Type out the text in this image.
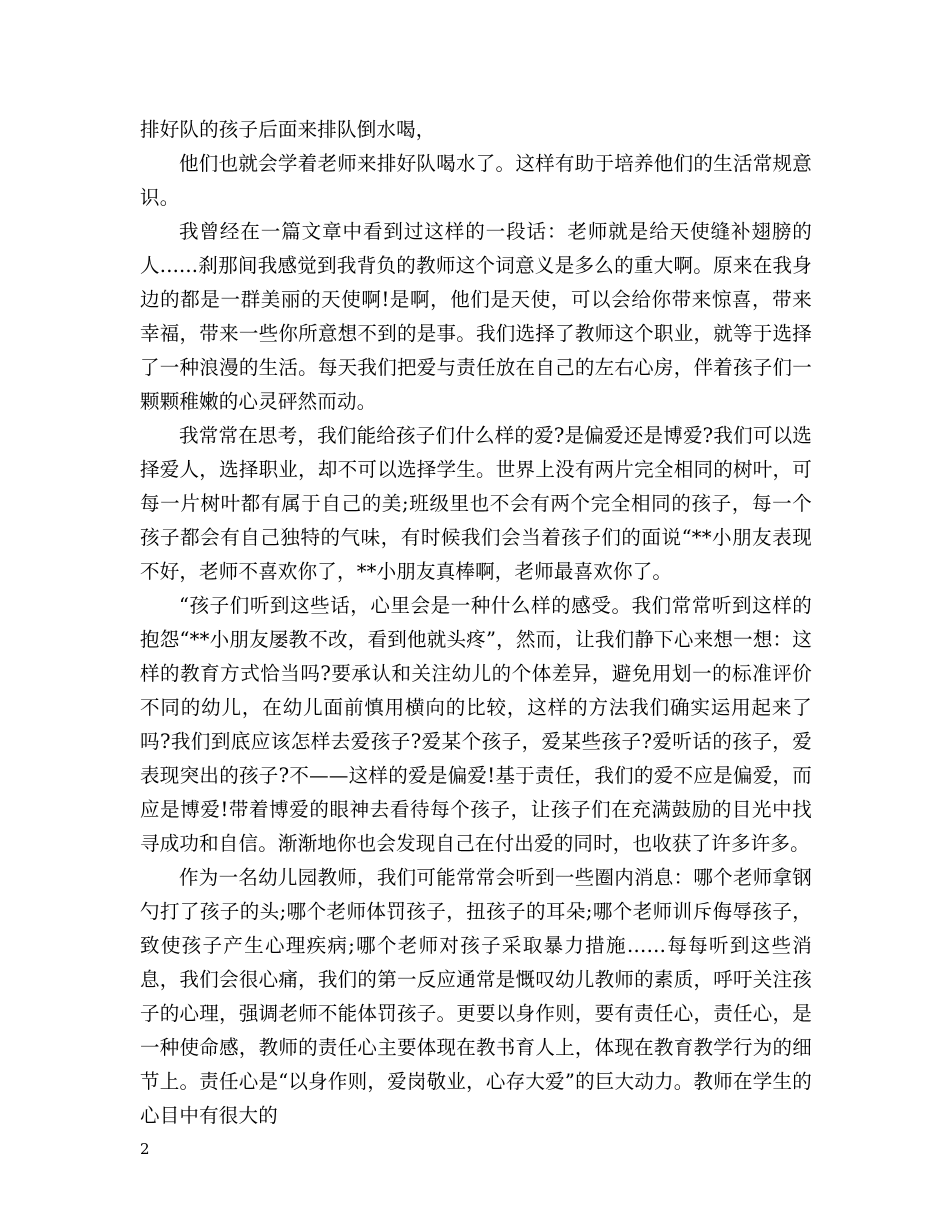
排好队的孩子后面来排队倒水喝，

他们也就会学着老师来排好队喝水了。这样有助于培养他们的生活常规意识。

我曾经在一篇文章中看到过这样的一段话：老师就是给天使缝补翅膀的人......刹那间我感觉到我背负的教师这个词意义是多么的重大啊。原来在我身边的都是一群美丽的天使啊!是啊，他们是天使，可以会给你带来惊喜，带来幸福，带来一些你所意想不到的是事。我们选择了教师这个职业，就等于选择了一种浪漫的生活。每天我们把爱与责任放在自己的左右心房，伴着孩子们一颗颗稚嫩的心灵砰然而动。

我常常在思考，我们能给孩子们什么样的爱?是偏爱还是博爱?我们可以选择爱人，选择职业，却不可以选择学生。世界上没有两片完全相同的树叶，可每一片树叶都有属于自己的美;班级里也不会有两个完全相同的孩子，每一个孩子都会有自己独特的气味，有时候我们会当着孩子们的面说“**小朋友表现不好，老师不喜欢你了，**小朋友真棒啊，老师最喜欢你了。

“孩子们听到这些话，心里会是一种什么样的感受。我们常常听到这样的抱怨“**小朋友屡教不改，看到他就头疼”，然而，让我们静下心来想一想：这样的教育方式恰当吗?要承认和关注幼儿的个体差异，避免用划一的标准评价不同的幼儿，在幼儿面前慎用横向的比较，这样的方法我们确实运用起来了吗?我们到底应该怎样去爱孩子?爱某个孩子，爱某些孩子?爱听话的孩子，爱表现突出的孩子?不——这样的爱是偏爱!基于责任，我们的爱不应是偏爱，而应是博爱!带着博爱的眼神去看待每个孩子，让孩子们在充满鼓励的目光中找寻成功和自信。渐渐地你也会发现自己在付出爱的同时，也收获了许多许多。

作为一名幼儿园教师，我们可能常常会听到一些圈内消息：哪个老师拿钢勺打了孩子的头;哪个老师体罚孩子，扭孩子的耳朵;哪个老师训斥侮辱孩子，致使孩子产生心理疾病;哪个老师对孩子采取暴力措施……每每听到这些消息，我们会很心痛，我们的第一反应通常是慨叹幼儿教师的素质，呼吁关注孩子的心理，强调老师不能体罚孩子。更要以身作则，要有责任心，责任心，是一种使命感，教师的责任心主要体现在教书育人上，体现在教育教学行为的细节上。责任心是“以身作则，爱岗敬业，心存大爱”的巨大动力。教师在学生的心目中有很大的

2
